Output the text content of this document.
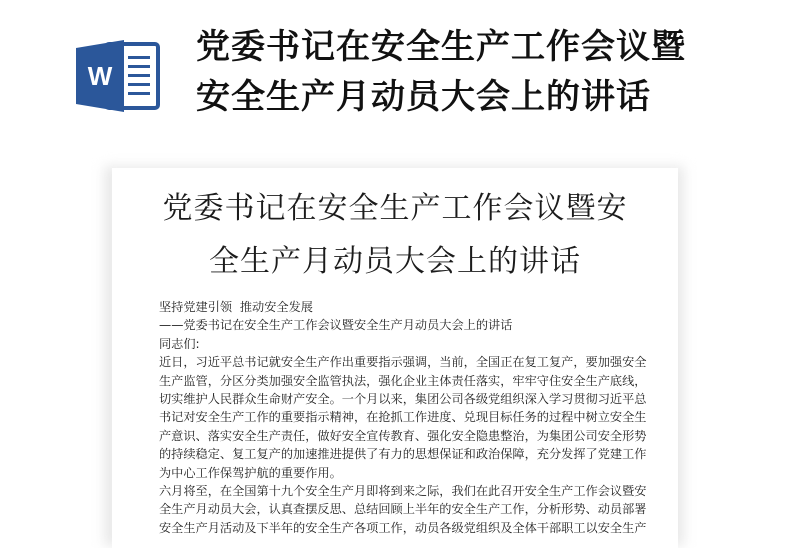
W
党委书记在安全生产工作会议暨
安全生产月动员大会上的讲话
党委书记在安全生产工作会议暨安
全生产月动员大会上的讲话

坚持党建引领  推动安全发展

——党委书记在安全生产工作会议暨安全生产月动员大会上的讲话

同志们:

近日，习近平总书记就安全生产作出重要指示强调，当前，全国正在复工复产，要加强安全生产监管，分区分类加强安全监管执法，强化企业主体责任落实，牢牢守住安全生产底线，切实维护人民群众生命财产安全。一个月以来，集团公司各级党组织深入学习贯彻习近平总书记对安全生产工作的重要指示精神，在抢抓工作进度、兑现目标任务的过程中树立安全生产意识、落实安全生产责任，做好安全宣传教育、强化安全隐患整治，为集团公司安全形势的持续稳定、复工复产的加速推进提供了有力的思想保证和政治保障，充分发挥了党建工作为中心工作保驾护航的重要作用。

六月将至，在全国第十九个安全生产月即将到来之际，我们在此召开安全生产工作会议暨安全生产月动员大会，认真查摆反思、总结回顾上半年的安全生产工作，分析形势、动员部署安全生产月活动及下半年的安全生产各项工作，动员各级党组织及全体干部职工以安全生产
